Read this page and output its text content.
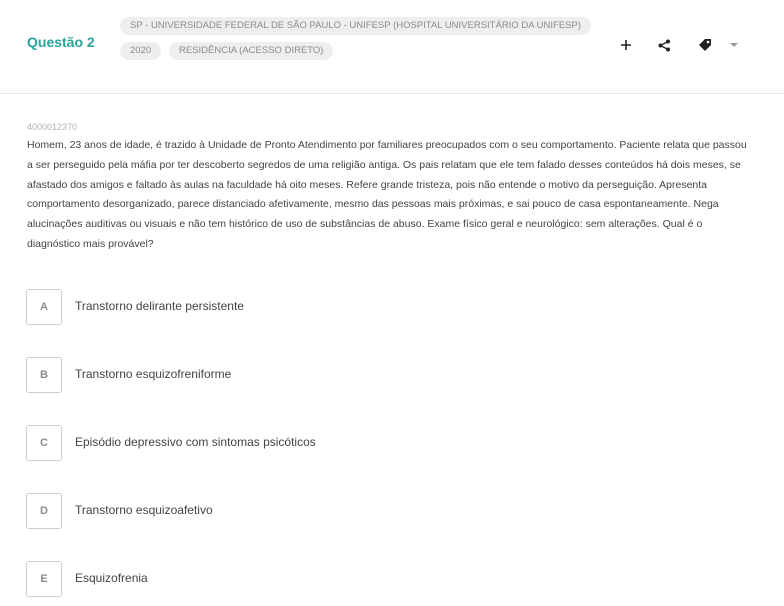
Questão 2
SP - UNIVERSIDADE FEDERAL DE SÃO PAULO - UNIFESP (HOSPITAL UNIVERSITÁRIO DA UNIFESP)
2020	RESIDÊNCIA (ACESSO DIRETO)
4000012370
Homem, 23 anos de idade, é trazido à Unidade de Pronto Atendimento por familiares preocupados com o seu comportamento. Paciente relata que passou a ser perseguido pela máfia por ter descoberto segredos de uma religião antiga. Os pais relatam que ele tem falado desses conteúdos há dois meses, se afastado dos amigos e faltado às aulas na faculdade há oito meses. Refere grande tristeza, pois não entende o motivo da perseguição. Apresenta comportamento desorganizado, parece distanciado afetivamente, mesmo das pessoas mais próximas, e sai pouco de casa espontaneamente. Nega alucinações auditivas ou visuais e não tem histórico de uso de substâncias de abuso. Exame físico geral e neurológico: sem alterações. Qual é o diagnóstico mais provável?
A	Transtorno delirante persistente
B	Transtorno esquizofreniforme
C	Episódio depressivo com sintomas psicóticos
D	Transtorno esquizoafetivo
E	Esquizofrenia
